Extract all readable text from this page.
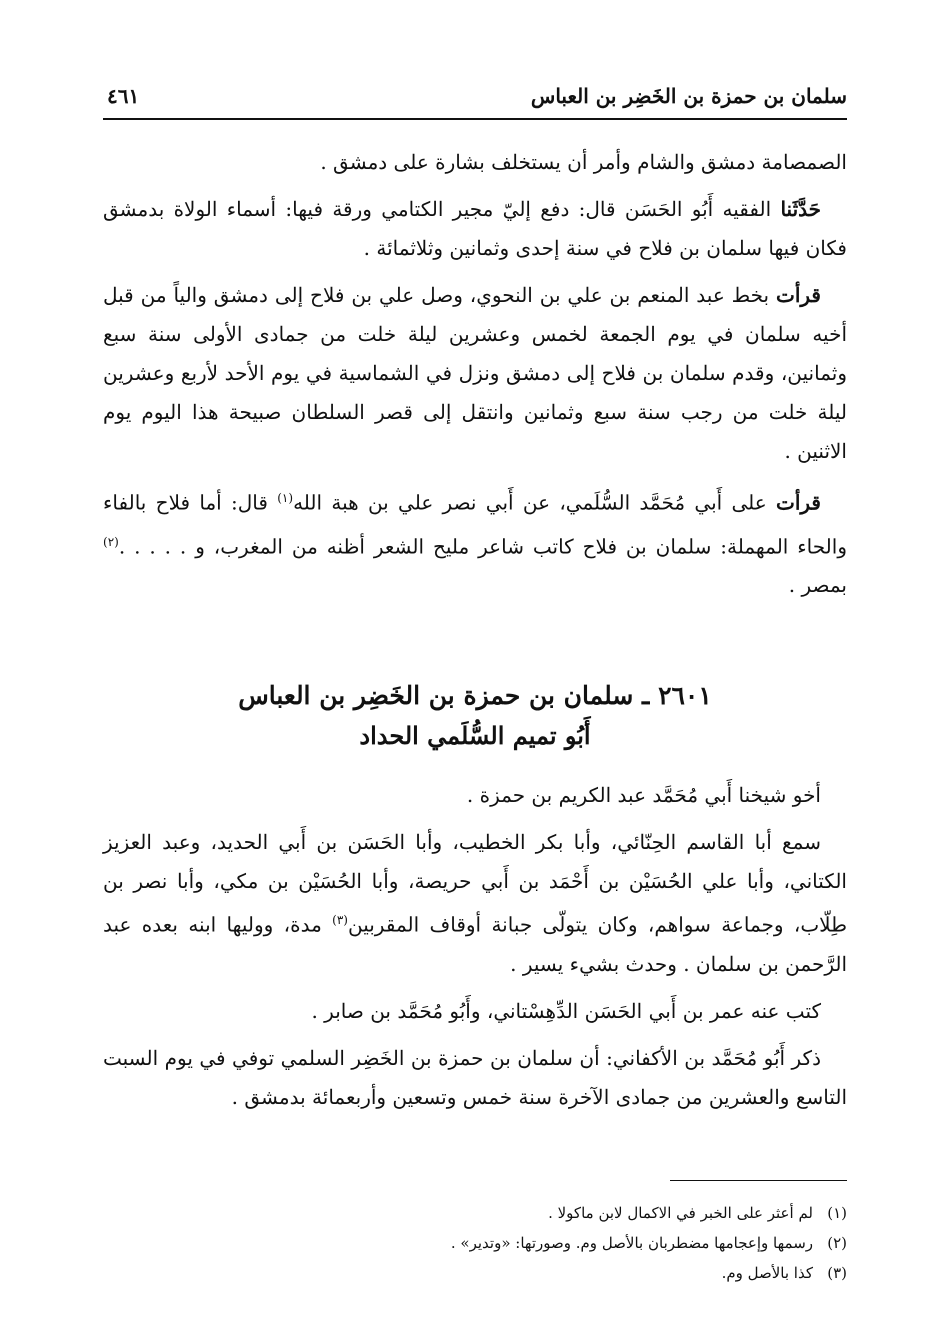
سلمان بن حمزة بن الخَضِر بن العباس
٤٦١

الصمصامة دمشق والشام وأمر أن يستخلف بشارة على دمشق .

حَدَّثَنا الفقيه أَبُو الحَسَن قال: دفع إليّ مجير الكتامي ورقة فيها: أسماء الولاة بدمشق فكان فيها سلمان بن فلاح في سنة إحدى وثمانين وثلاثمائة .

قرأت بخط عبد المنعم بن علي بن النحوي، وصل علي بن فلاح إلى دمشق والياً من قبل أخيه سلمان في يوم الجمعة لخمس وعشرين ليلة خلت من جمادى الأولى سنة سبع وثمانين، وقدم سلمان بن فلاح إلى دمشق ونزل في الشماسية في يوم الأحد لأربع وعشرين ليلة خلت من رجب سنة سبع وثمانين وانتقل إلى قصر السلطان صبيحة هذا اليوم يوم الاثنين .

قرأت على أَبي مُحَمَّد السُّلَمي، عن أَبي نصر علي بن هبة الله$^{(١)}$ قال: أما فلاح بالفاء والحاء المهملة: سلمان بن فلاح كاتب شاعر مليح الشعر أظنه من المغرب، و . . . . .$^{(٢)}$ بمصر .

٢٦٠١ ـ سلمان بن حمزة بن الخَضِر بن العباس
أَبُو تميم السُّلَمي الحداد

أخو شيخنا أَبي مُحَمَّد عبد الكريم بن حمزة .

سمع أبا القاسم الحِنّائي، وأبا بكر الخطيب، وأبا الحَسَن بن أَبي الحديد، وعبد العزيز الكتاني، وأبا علي الحُسَيْن بن أَحْمَد بن أَبي حريصة، وأبا الحُسَيْن بن مكي، وأبا نصر بن طِلّاب، وجماعة سواهم، وكان يتولّى جبانة أوقاف المقربين$^{(٣)}$ مدة، ووليها ابنه بعده عبد الرَّحمن بن سلمان . وحدث بشيء يسير .

كتب عنه عمر بن أَبي الحَسَن الدِّهِسْتاني، وأَبُو مُحَمَّد بن صابر .

ذكر أَبُو مُحَمَّد بن الأكفاني: أن سلمان بن حمزة بن الخَضِر السلمي توفي في يوم السبت التاسع والعشرين من جمادى الآخرة سنة خمس وتسعين وأربعمائة بدمشق .

(١)لم أعثر على الخبر في الاكمال لابن ماكولا .
(٢)رسمها وإعجامها مضطربان بالأصل وم. وصورتها: «وتدير» .
(٣)كذا بالأصل وم.
